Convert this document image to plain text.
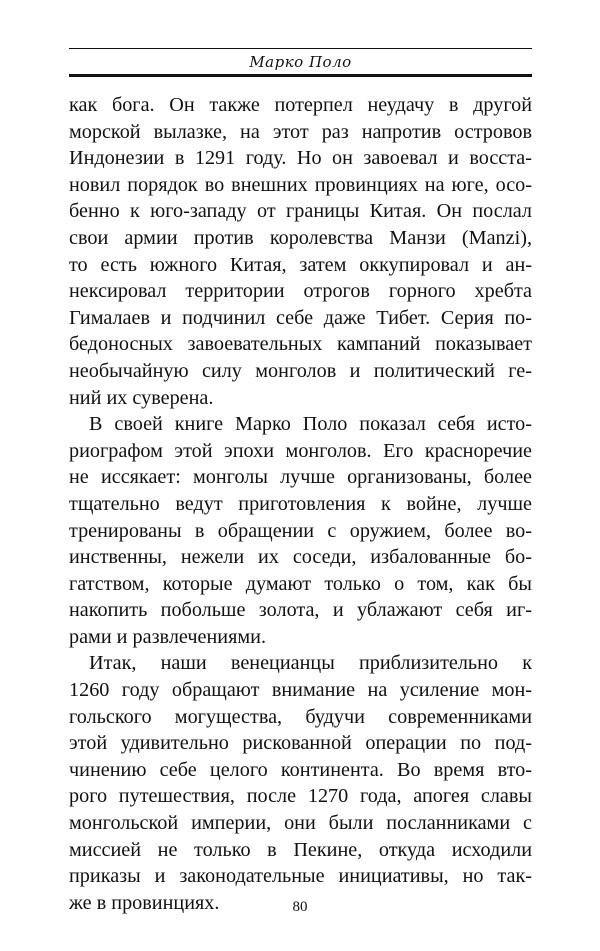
Марко Поло
как бога. Он также потерпел неудачу в другой
морской вылазке, на этот раз напротив островов
Индонезии в 1291 году. Но он завоевал и восста-
новил порядок во внешних провинциях на юге, осо-
бенно к юго-западу от границы Китая. Он послал
свои армии против королевства Манзи (Manzi),
то есть южного Китая, затем оккупировал и ан-
нексировал территории отрогов горного хребта
Гималаев и подчинил себе даже Тибет. Серия по-
бедоносных завоевательных кампаний показывает
необычайную силу монголов и политический ге-
ний их суверена.
В своей книге Марко Поло показал себя исто-
риографом этой эпохи монголов. Его красноречие
не иссякает: монголы лучше организованы, более
тщательно ведут приготовления к войне, лучше
тренированы в обращении с оружием, более во-
инственны, нежели их соседи, избалованные бо-
гатством, которые думают только о том, как бы
накопить побольше золота, и ублажают себя иг-
рами и развлечениями.
Итак, наши венецианцы приблизительно к
1260 году обращают внимание на усиление мон-
гольского могущества, будучи современниками
этой удивительно рискованной операции по под-
чинению себе целого континента. Во время вто-
рого путешествия, после 1270 года, апогея славы
монгольской империи, они были посланниками с
миссией не только в Пекине, откуда исходили
приказы и законодательные инициативы, но так-
же в провинциях.	80
